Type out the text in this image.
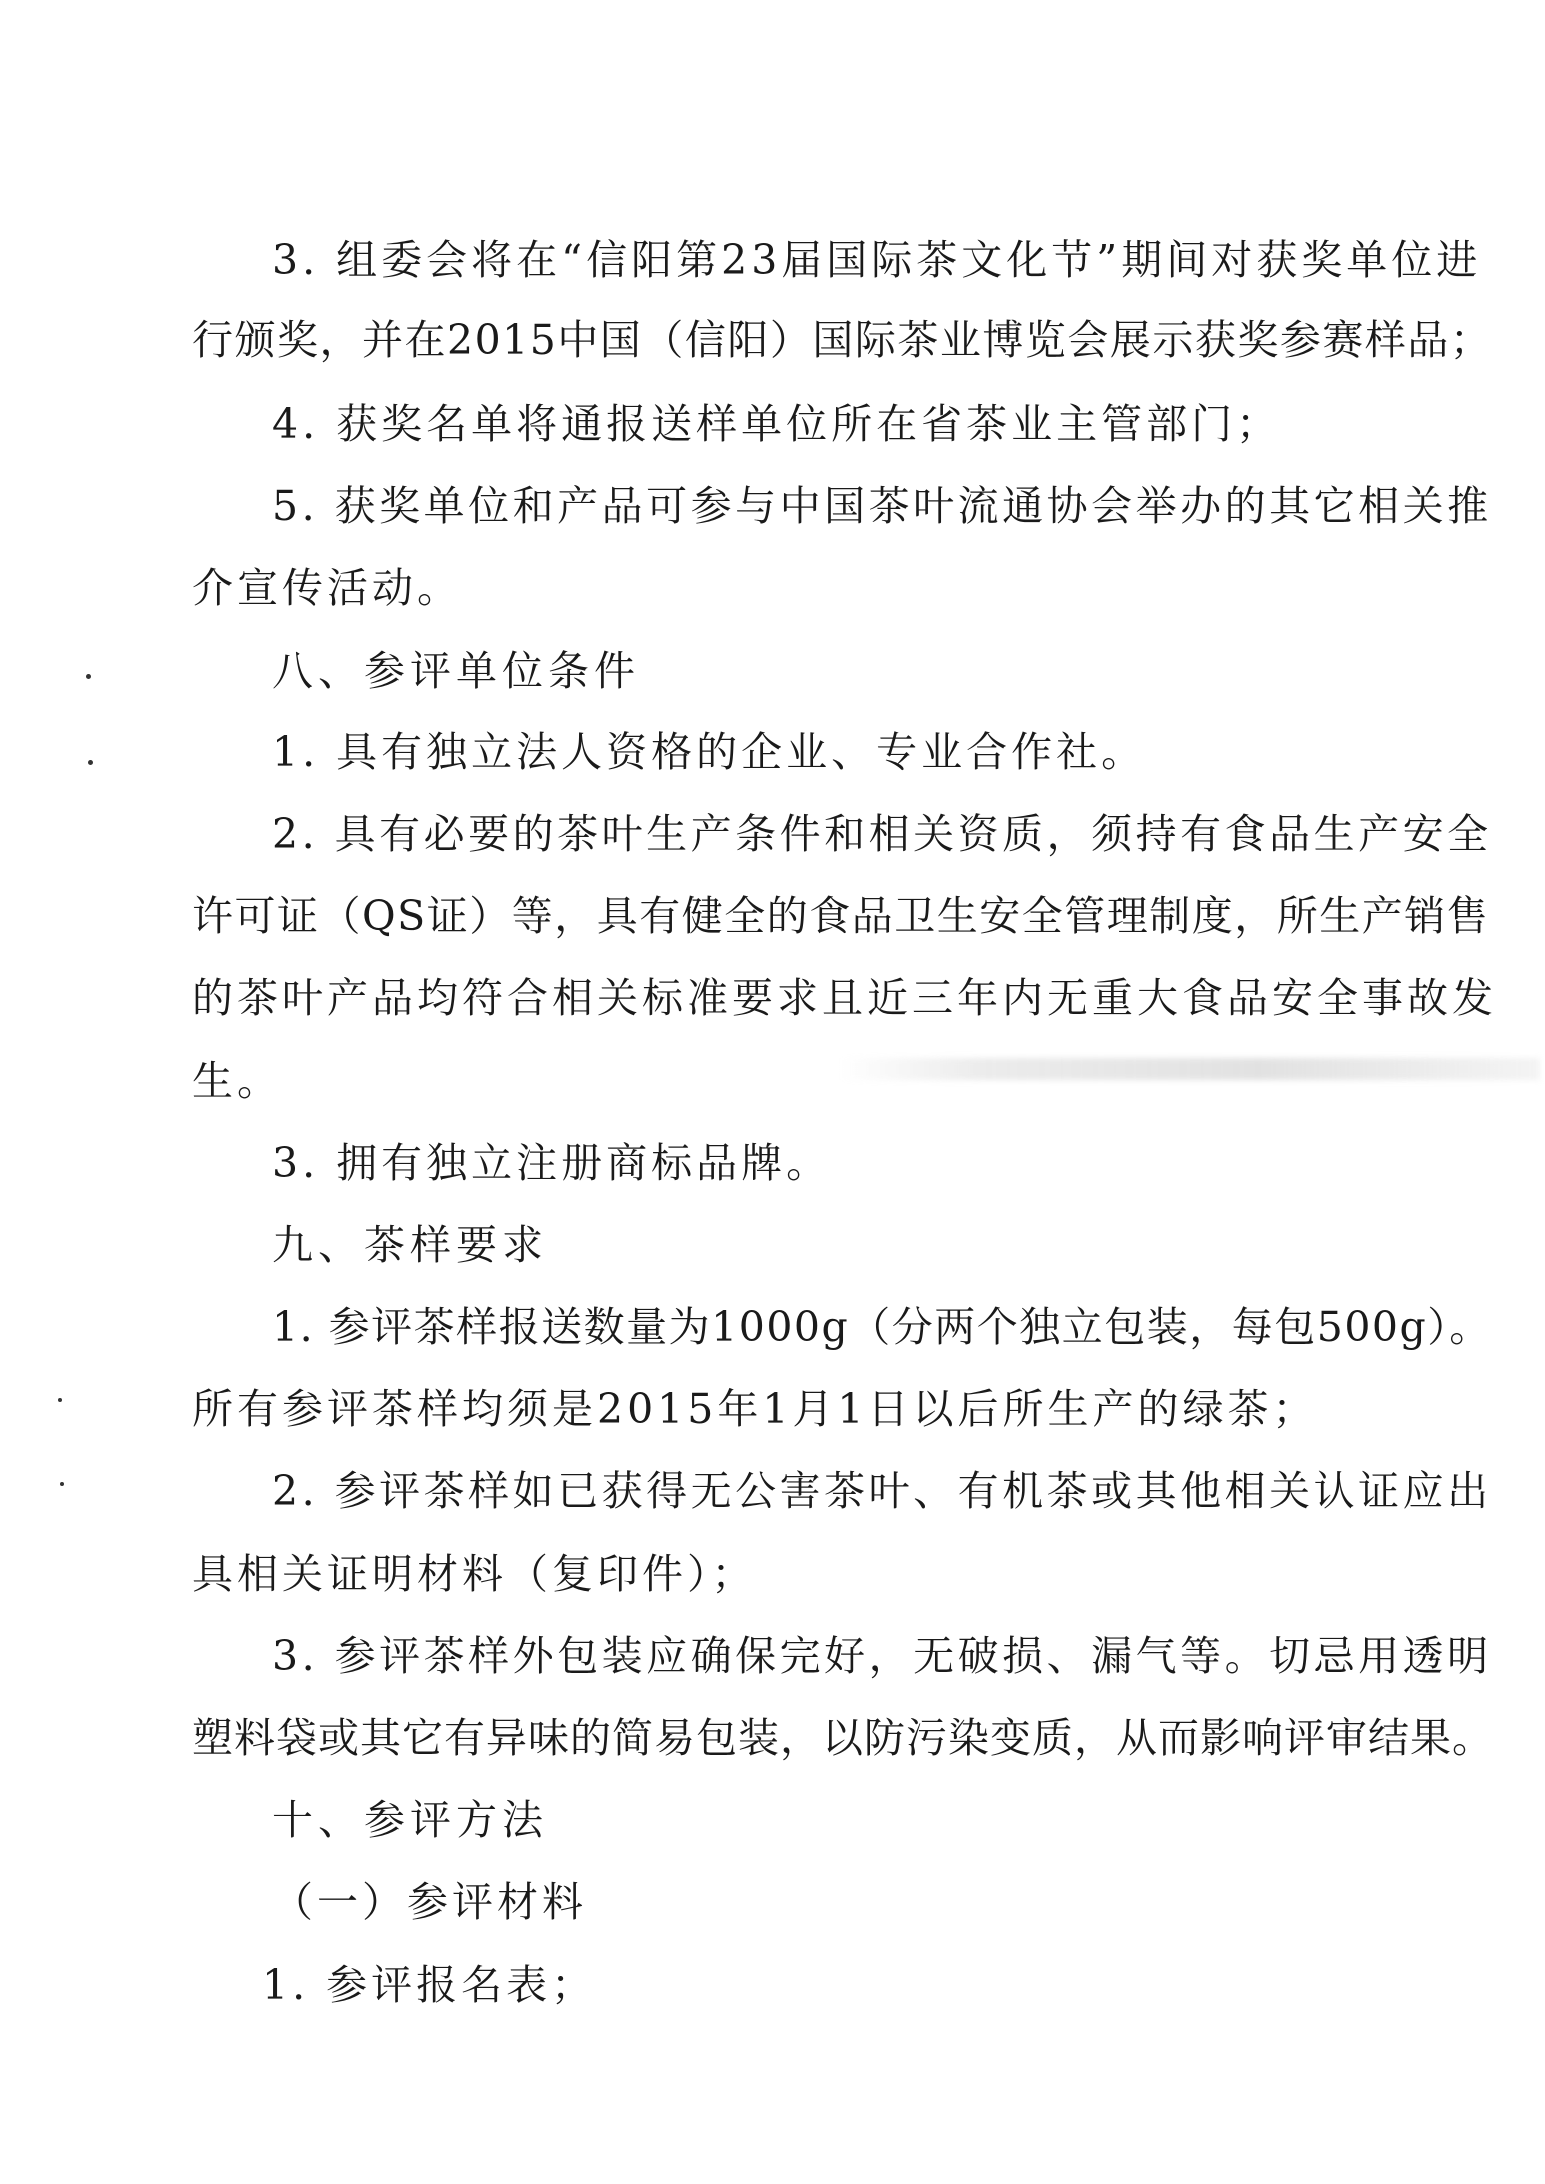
3. 组委会将在“信阳第23届国际茶文化节”期间对获奖单位进
行颁奖，并在2015中国（信阳）国际茶业博览会展示获奖参赛样品；
4. 获奖名单将通报送样单位所在省茶业主管部门；
5. 获奖单位和产品可参与中国茶叶流通协会举办的其它相关推
介宣传活动。
八、参评单位条件
1. 具有独立法人资格的企业、专业合作社。
2. 具有必要的茶叶生产条件和相关资质，须持有食品生产安全
许可证（QS证）等，具有健全的食品卫生安全管理制度，所生产销售
的茶叶产品均符合相关标准要求且近三年内无重大食品安全事故发
生。
3. 拥有独立注册商标品牌。
九、茶样要求
1. 参评茶样报送数量为1000g（分两个独立包装，每包500g）。
所有参评茶样均须是2015年1月1日以后所生产的绿茶；
2. 参评茶样如已获得无公害茶叶、有机茶或其他相关认证应出
具相关证明材料（复印件）；
3. 参评茶样外包装应确保完好，无破损、漏气等。切忌用透明
塑料袋或其它有异味的简易包装，以防污染变质，从而影响评审结果。
十、参评方法
（一）参评材料
1. 参评报名表；
